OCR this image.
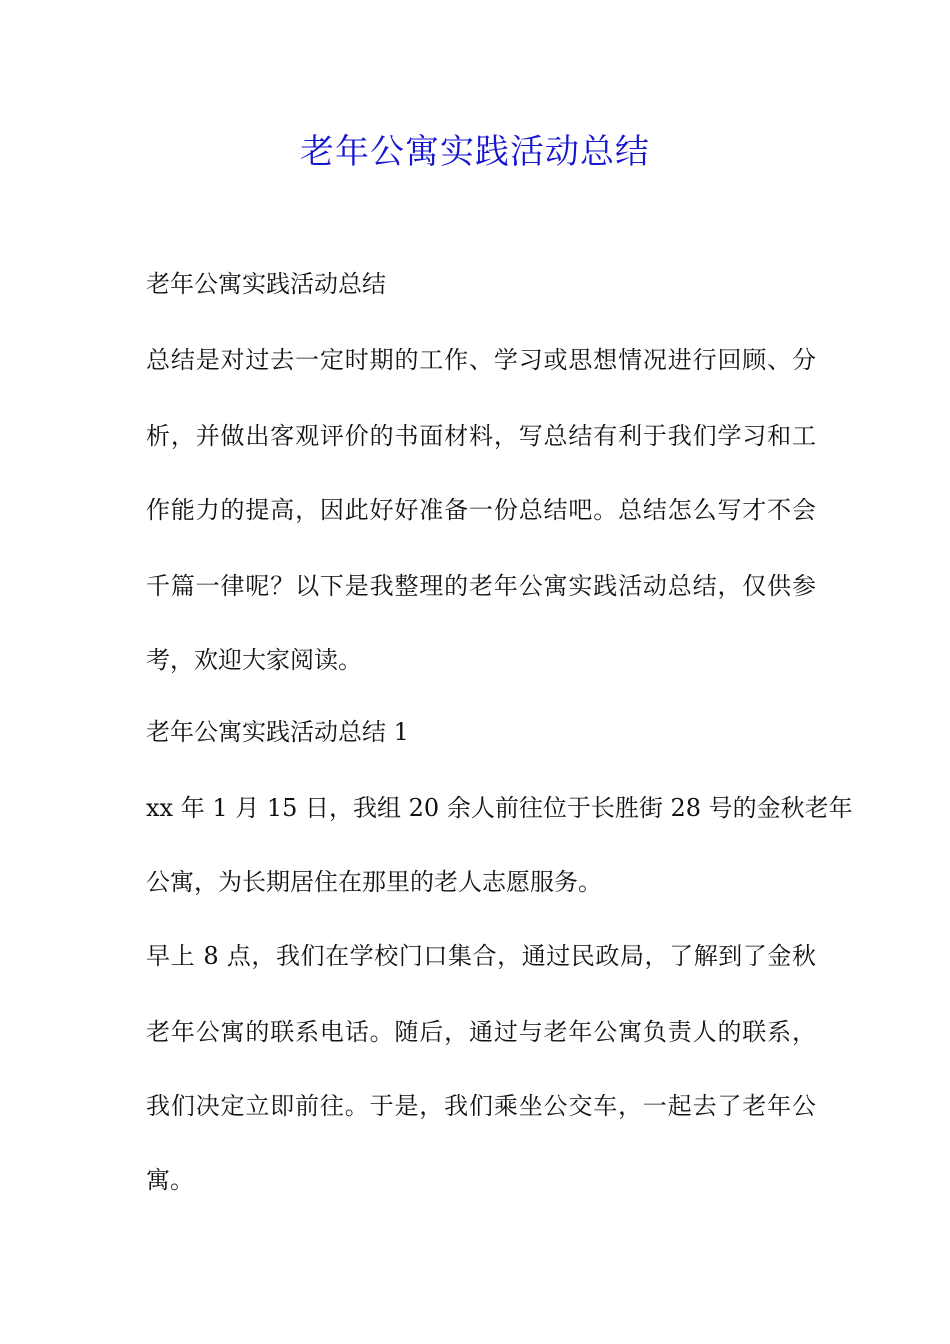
老年公寓实践活动总结

老年公寓实践活动总结

总结是对过去一定时期的工作、学习或思想情况进行回顾、分

析，并做出客观评价的书面材料，写总结有利于我们学习和工

作能力的提高，因此好好准备一份总结吧。总结怎么写才不会

千篇一律呢？以下是我整理的老年公寓实践活动总结，仅供参

考，欢迎大家阅读。

老年公寓实践活动总结 1

xx 年 1 月 15 日，我组 20 余人前往位于长胜街 28 号的金秋老年

公寓，为长期居住在那里的老人志愿服务。

早上 8 点，我们在学校门口集合，通过民政局，了解到了金秋

老年公寓的联系电话。随后，通过与老年公寓负责人的联系，

我们决定立即前往。于是，我们乘坐公交车，一起去了老年公

寓。
